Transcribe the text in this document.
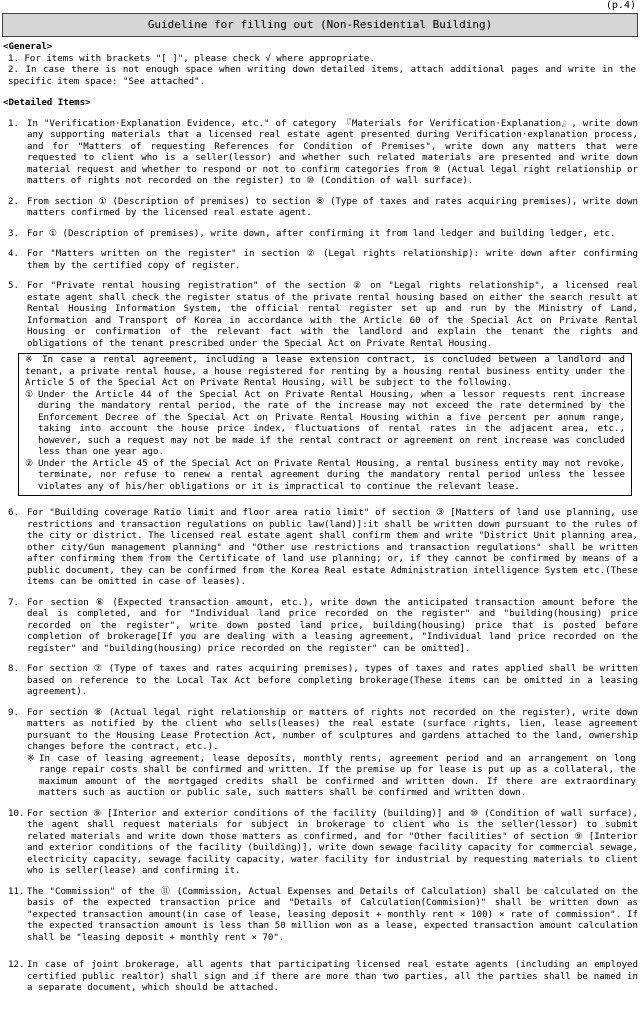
(p.4)
Guideline for filling out (Non-Residential Building)
<General>
1. For items with brackets "[ ]", please check √ where appropriate.
2. In case there is not enough space when writing down detailed items, attach additional pages and write in the specific item space: "See attached".
<Detailed Items>
1. In "Verification·Explanation Evidence, etc." of category 『Materials for Verification·Explanation』, write down any supporting materials that a licensed real estate agent presented during Verification·explanation process, and for "Matters of requesting References for Condition of Premises", write down any matters that were requested to client who is a seller(lessor) and whether such related materials are presented and write down material request and whether to respond or not to confirm categories from ⑨ (Actual legal right relationship or matters of rights not recorded on the register) to ⑩ (Condition of wall surface).
2. From section ① (Description of premises) to section ⑧ (Type of taxes and rates acquiring premises), write down matters confirmed by the licensed real estate agent.
3. For ① (Description of premises), write down, after confirming it from land ledger and building ledger, etc.
4. For "Matters written on the register" in section ② (Legal rights relationship): write down after confirming them by the certified copy of register.
5. For "Private rental housing registration" of the section ② on "Legal rights relationship", a licensed real estate agent shall check the register status of the private rental housing based on either the search result at Rental Housing Information System, the official rental register set up and run by the Ministry of Land, Information and Transport of Korea in accordance with the Article 60 of the Special Act on Private Rental Housing or confirmation of the relevant fact with the landlord and explain the tenant the rights and obligations of the tenant prescribed under the Special Act on Private Rental Housing.
※ In case a rental agreement, including a lease extension contract, is concluded between a landlord and tenant, a private rental house, a house registered for renting by a housing rental business entity under the Article 5 of the Special Act on Private Rental Housing, will be subject to the following.
① Under the Article 44 of the Special Act on Private Rental Housing, when a lessor requests rent increase during the mandatory rental period, the rate of the increase may not exceed the rate determined by the Enforcement Decree of the Special Act on Private Rental Housing within a five percent per annum range, taking into account the house price index, fluctuations of rental rates in the adjacent area, etc., however, such a request may not be made if the rental contract or agreement on rent increase was concluded less than one year ago.
② Under the Article 45 of the Special Act on Private Rental Housing, a rental business entity may not revoke, terminate, nor refuse to renew a rental agreement during the mandatory rental period unless the lessee violates any of his/her obligations or it is impractical to continue the relevant lease.
6. For "Building coverage Ratio limit and floor area ratio limit" of section ③ [Matters of land use planning, use restrictions and transaction regulations on public law(land)]:it shall be written down pursuant to the rules of the city or district. The licensed real estate agent shall confirm them and write "District Unit planning area, other city/Gun management planning" and "Other use restrictions and transaction regulations" shall be written after confirming them from the Certificate of land use planning; or, if they cannot be confirmed by means of a public document, they can be confirmed from the Korea Real estate Administration intelligence System etc.(These items can be omitted in case of leases).
7. For section ⑥ (Expected transaction amount, etc.), write down the anticipated transaction amount before the deal is completed, and for "Individual land price recorded on the register" and "building(housing) price recorded on the register", write down posted land price, building(housing) price that is posted before completion of brokerage[If you are dealing with a leasing agreement, "Individual land price recorded on the register" and "building(housing) price recorded on the register" can be omitted].
8. For section ⑦ (Type of taxes and rates acquiring premises), types of taxes and rates applied shall be written based on reference to the Local Tax Act before completing brokerage(These items can be omitted in a leasing agreement).
9. For section ⑧ (Actual legal right relationship or matters of rights not recorded on the register), write down matters as notified by the client who sells(leases) the real estate (surface rights, lien, lease agreement pursuant to the Housing Lease Protection Act, number of sculptures and gardens attached to the land, ownership changes before the contract, etc.).
※ In case of leasing agreement, lease deposits, monthly rents, agreement period and an arrangement on long range repair costs shall be confirmed and written. If the premise up for lease is put up as a collateral, the maximum amount of the mortgaged credits shall be confirmed and written down. If there are extraordinary matters such as auction or public sale, such matters shall be confirmed and written down.
10. For section ⑨ [Interior and exterior conditions of the facility (building)] and ⑩ (Condition of wall surface), the agent shall request materials for subject in brokerage to client who is the seller(lessor) to submit related materials and write down those matters as confirmed, and for "Other facilities" of section ⑨ [Interior and exterior conditions of the facility (building)], write down sewage facility capacity for commercial sewage, electricity capacity, sewage facility capacity, water facility for industrial by requesting materials to client who is seller(lease) and confirming it.
11. The "Commission" of the ⑪ (Commission, Actual Expenses and Details of Calculation) shall be calculated on the basis of the expected transaction price and "Details of Calculation(Commision)" shall be written down as "expected transaction amount(in case of lease, leasing deposit + monthly rent × 100) × rate of commission". If the expected transaction amount is less than 50 million won as a lease, expected transaction amount calculation shall be "leasing deposit + monthly rent × 70".
12. In case of joint brokerage, all agents that participating licensed real estate agents (including an employed certified public realtor) shall sign and if there are more than two parties, all the parties shall be named in a separate document, which should be attached.
